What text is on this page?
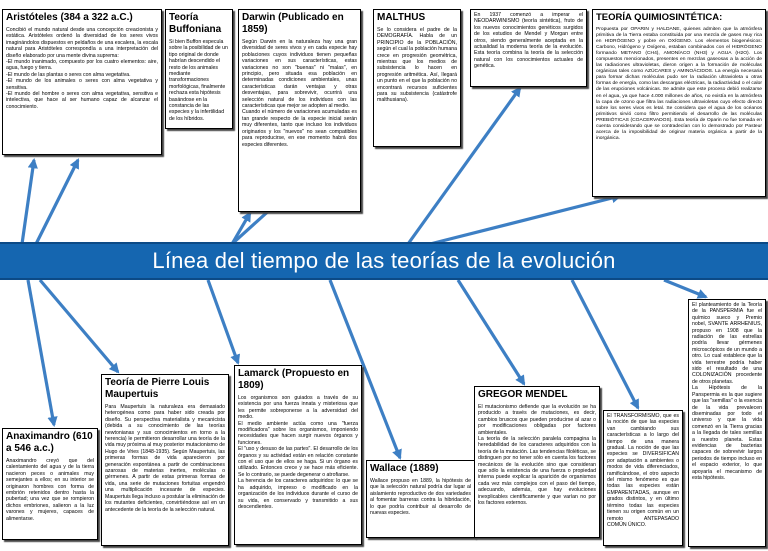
Línea del tiempo de las teorías de la evolución
Aristóteles (384 a 322 a.C.)
Concibió el mundo natural desde una concepción creacionista y estática. Aristóteles ordenó la diversidad de los seres vivos imaginándolos dispuestos en peldaños de una escalera, la escala natural para Aristóteles correspondía a una interpretación del diseño elaborado por una mente divina suprema:
-El mundo inanimado, compuesto por los cuatro elementos: aire, agua, fuego y tierra.
-El mundo de las plantas o seres con alma vegetativa.
-El mundo de los animales o seres con alma vegetativa y sensitiva.
-El mundo del hombre o seres con alma vegetativa, sensitiva e intelectiva, que hace al ser humano capaz de alcanzar el conocimiento.
Teoría Buffoniana
Si bien Buffon especula sobre la posibilidad de un tipo original de donde habrían descendido el resto de los animales mediante transformaciones morfológicas, finalmente rechaza esta hipótesis basándose en la constancia de las especies y la infertilidad de los híbridos.
Darwin (Publicado en 1859)
Según Darwin en la naturaleza hay una gran diversidad de seres vivos y en cada especie hay poblaciones cuyos individuos tienen pequeñas variaciones en sus características, estas variaciones no son "buenas" ni "malas", en principio, pero situada esa población en determinadas condiciones ambientales, unas características darán ventajas y otras desventajas, para sobrevivir, ocurrirá una selección natural de los individuos con las características que mejor se adopten al medio.
Cuando el número de variaciones acumuladas es tan grande respecto de la especie inicial serán muy diferentes, tanto que incluso los individuos originarios y los "nuevos" no sean compatibles para reproducirse, en ese momento habrá dos especies diferentes.
MALTHUS
Se lo considera el padre de la DEMOGRAFÍA. Habla de un PRINCIPIO de la POBLACIÓN, según el cual la población humana crece en progresión geométrica, mientras que los medios de subsistencia lo hacen en progresión aritmética. Así, llegará un punto en el que la población no encontrará recursos suficientes para su subsistencia (catástrofe malthusiana).
En 1937 comenzó a imperar el NEODARWINISMO (teoría sintética), fruto de los nuevos conocimientos genéticos surgidos de los estudios de Mendel y Morgan entre otros, siendo generalmente aceptada en la actualidad la moderna teoría de la evolución. Esta teoría combina la teoría de la selección natural con los conocimientos actuales de genética.
TEORÍA QUIMIOSINTÉTICA:
Propuesta por OPARIN y HALDANE, quienes admiten que la atmósfera primitiva de la Tierra estaba constituida por una mezcla de gases muy rica en HIDRÓGENO y pobre en OXÍGENO. Los elementos biogenésicos: Carbono, Hidrógeno y Oxígeno, estaban combinados con el HIDRÓGENO formando METANO (CH4), AMONÍACO (NH3) y AGUA (H2O). Los compuestos mencionados, presentes en mezclas gaseosas a la acción de las radiaciones ultravioletas, dieron origen a la formación de moléculas orgánicas tales como AZÚCARES y AMINOÁCIDOS. La energía necesaria para formar dichas moléculas pudo ser la radiación ultravioleta u otras formas de energía, como las descargas eléctricas, la radiactividad o el calor de las erupciones volcánicas. Se admite que este proceso debió realizarse en el agua, ya que hace 4.000 millones de años, no existía en la atmósfera la capa de ozono que filtra las radiaciones ultravioletas cuyo efecto directo sobre los seres vivos es letal. Se considera que el agua de los océanos primitivos sirvió como filtro permitiendo el desarrollo de las moléculas PREBIÓTICAS (COACERVADOS). Esta teoría de Oparin no fue tomada en cuenta considerando que se contradecían con lo demostrado por Pasteur acerca de la imposibilidad de originar materia orgánica a partir de la inorgánica.
Anaximandro (610 a 546 a.c.)
Anaximandro creyó que del calentamiento del agua y de la tierra nacieron peces o animales muy semejantes a ellos; en su interior se originaron hombres con forma de embrión retenidos dentro hasta la pubertad; una vez que se rompieron dichos embriones, salieron a la luz varones y mujeres, capaces de alimentarse.
Teoría de Pierre Louis Maupertuis
Para Maupertuis la naturaleza era demasiado heterogénea como para haber sido creada por diseño. Su perspectiva materialista y mecanicista (debida a su conocimiento de las teorías newtonianas y sus conocimientos en torno a la herencia) le permitieron desarrollar una teoría de la vida muy próxima al muy posterior mutacionismo de Hugo de Vries (1848-1935). Según Maupertuis, las primeras formas de vida aparecieron por generación espontánea a partir de combinaciones azarosas de materias inertes, moléculas o gérmenes. A partir de estas primeras formas de vida, una serie de mutaciones fortuitas engendró una multiplicación incesante de especies. Maupertuis llega incluso a postular la eliminación de los mutantes deficientes, convirtiéndose así en un antecedente de la teoría de la selección natural.
Lamarck (Propuesto en 1809)
Los organismos son guiados a través de su existencia por una fuerza innata y misteriosa que les permite sobreponerse a la adversidad del medio.
El medio ambiente actúa como una "fuerza modificadora" sobre los organismos, imponiendo necesidades que hacen surgir nuevos órganos y funciones.
El "uso y desuso de las partes". El desarrollo de los órganos y su actividad están en relación constante con el uso que de ellos se haga. Si un órgano es utilizado. Entonces crece y se hace más eficiente. Se lo contrario, se puede degenerar o atrofiarse.
La herencia de los caracteres adquiridos: lo que se ha adquirido, impreso o modificado en la organización de los individuos durante el curso de su vida, en conservado y transmitido a sus descendientes.
Wallace (1889)
Wallace propuso en 1889, la hipótesis de que la selección natural podría dar lugar al aislamiento reproductivo de dos variedades al fomentar barreras contra la hibridación, lo que podría contribuir al desarrollo de nuevas especies.
GREGOR MENDEL
El mutacionismo defiende que la evolución se ha producido a través de mutaciones, es decir, cambios bruscos que pueden producirse al azar o por modificaciones obligadas por factores ambientales.
La teoría de la selección paralela compagina la heredabilidad de los caracteres adquiridos con la teoría de la mutación. Las tendencias filoléticas, se distinguen por no tener sólo en cuenta los factores mecánicos de la evolución sino que consideran que sólo la existencia de una fuerza o propiedad interna puede explicar la aparición de organismos cada vez más complejos con el paso del tiempo, adecuando, además, que hay evoluciones inexplicables científicamente y que varían no por los factores externos.
El TRANSFORMISMO, que es la noción de que las especies van cambiando sus características a lo largo del tiempo de una manera gradual. La noción de que las especies se DIVERSIFICAN por adaptación a ambientes o modos de vida diferenciados, ramificándose, el otro aspecto del mismo fenómeno es que todas las especies están EMPARENTADAS, aunque en grados distintos, y en último término todas las especies tienen su origen común en un remoto ANTEPASADO COMÚN ÚNICO.
El planteamiento de la Teoría de la PANSPERMIA fue el químico sueco y Premio nobel, SVANTE ARRHENIUS, propuso en 1908 que la radiación de las estrellas podría llevar gérmenes microscópicos de un mundo a otro. Lo cual establece que la vida terrestre podría haber sido el resultado de una COLONIZACIÓN procedente de otros planetas.
La Hipótesis de la Panspermia es la que sugiere que las "semillas" o la esencia de la vida prevalecen diseminadas por todo el universo y que la vida comenzó en la Tierra gracias a la llegada de tales semillas a nuestro planeta. Estas evidencias de bacterias capaces de sobrevivir largos periodos de tiempo incluso en el espacio exterior, lo que apoyaría el mecanismo de esta hipótesis.
